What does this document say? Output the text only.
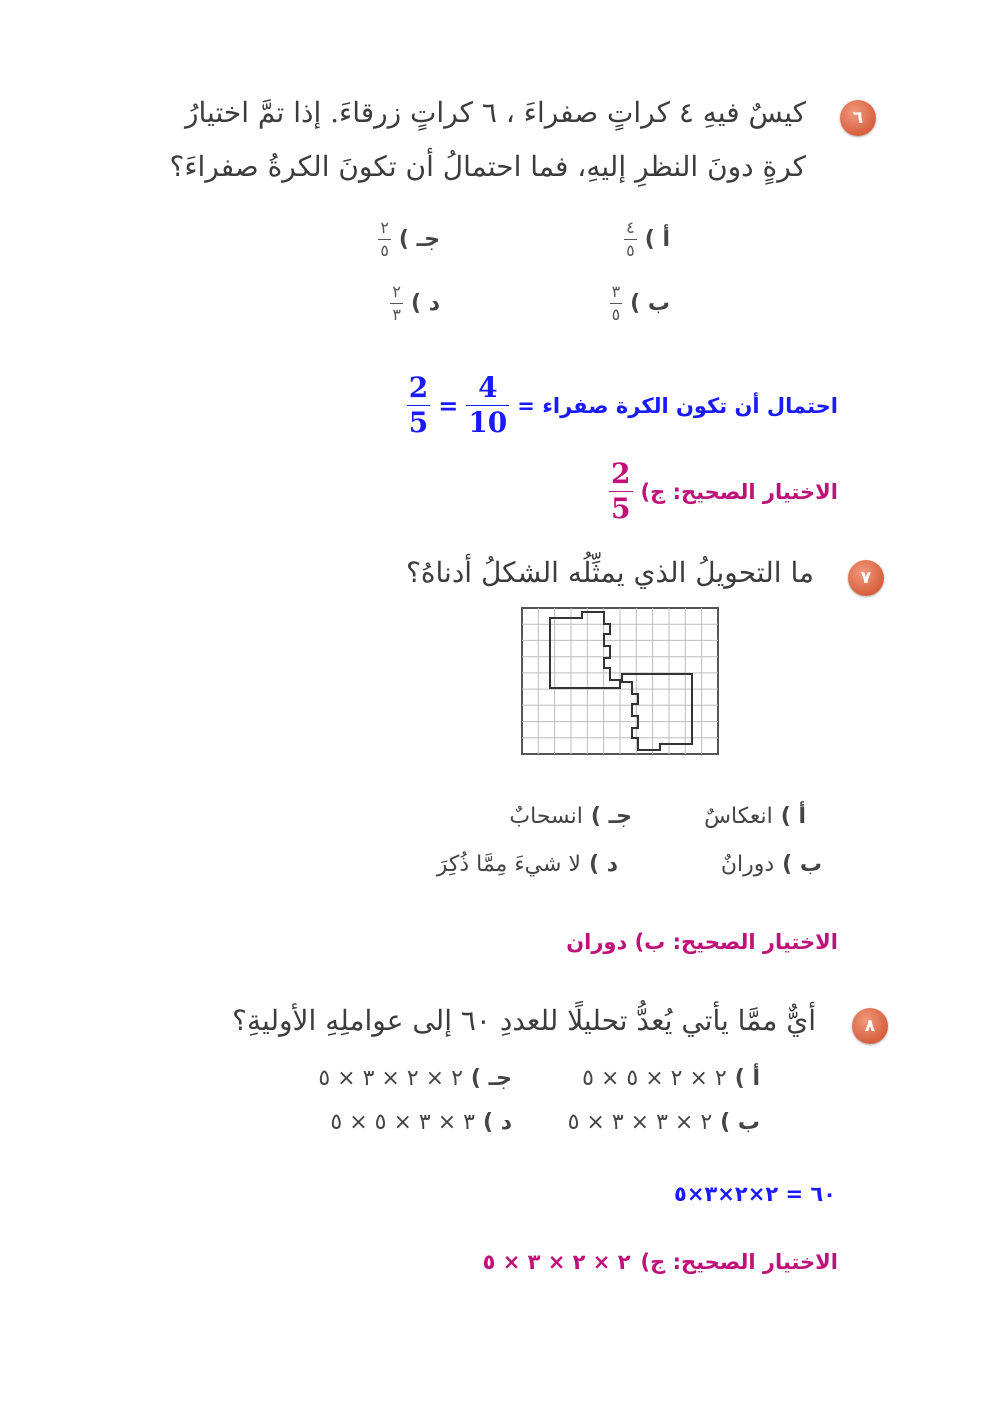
٦
كيسٌ فيهِ ٤ كراتٍ صفراءَ ، ٦ كراتٍ زرقاءَ. إذا تمَّ اختيارُ
كرةٍ دونَ النظرِ إليهِ، فما احتمالُ أن تكونَ الكرةُ صفراءَ؟
أ )
$\frac{٤}{٥}$
جـ )
$\frac{٢}{٥}$
ب )
$\frac{٣}{٥}$
د )
$\frac{٢}{٣}$
احتمال أن تكون الكرة صفراء =
$\frac{4}{10}$
=
$\frac{2}{5}$
الاختيار الصحيح: ج)
$\frac{2}{5}$
٧
ما التحويلُ الذي يمثِّلُه الشكلُ أدناهُ؟
أ )
انعكاسٌ
جـ )
انسحابٌ
ب )
دورانٌ
د )
لا شيءَ مِمَّا ذُكِرَ
الاختيار الصحيح: ب) دوران
٨
أيٌّ ممَّا يأتي يُعدُّ تحليلًا للعددِ ٦٠ إلى عواملِهِ الأوليةِ؟
أ )
٢ × ٢ × ٥ × ٥
جـ )
٢ × ٢ × ٣ × ٥
ب )
٢ × ٣ × ٣ × ٥
د )
٣ × ٣ × ٥ × ٥
٦٠ = ٢×٢×٣×٥
الاختيار الصحيح: ج)
٢ × ٢ × ٣ × ٥
